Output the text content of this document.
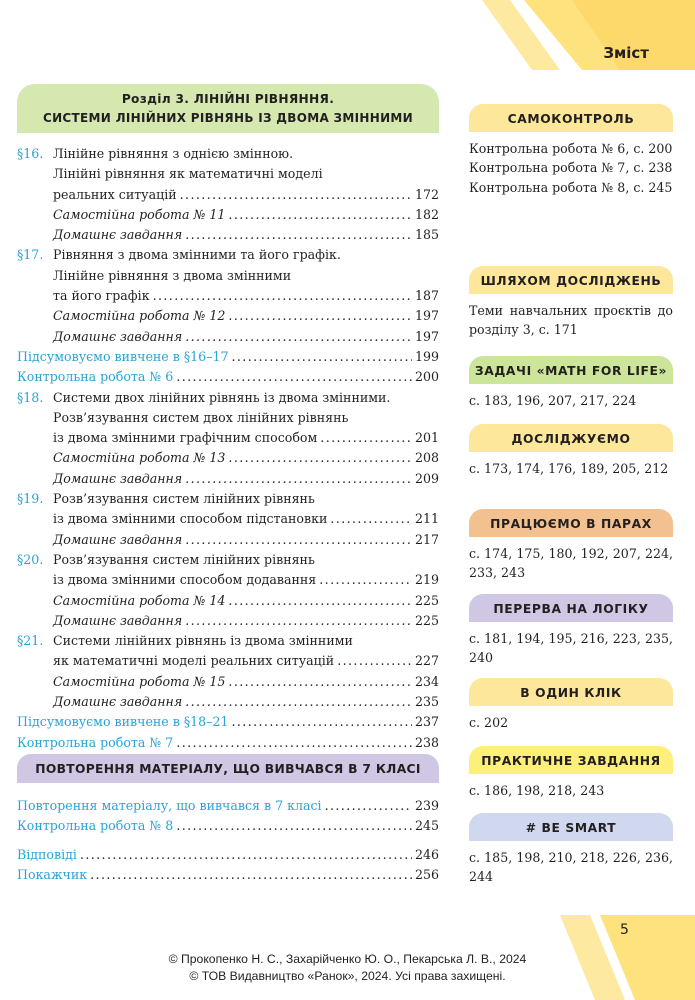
Зміст
Розділ 3. ЛІНІЙНІ РІВНЯННЯ.
СИСТЕМИ ЛІНІЙНИХ РІВНЯНЬ ІЗ ДВОМА ЗМІННИМИ
§16. Лінійне рівняння з однією змінною.
Лінійні рівняння як математичні моделі
реальних ситуацій . . .	172
Самостійна робота № 11 . . .	182
Домашнє завдання . . .	185
§17. Рівняння з двома змінними та його графік.
Лінійне рівняння з двома змінними
та його графік . . .	187
Самостійна робота № 12 . . .	197
Домашнє завдання . . .	197
Підсумовуємо вивчене в §16–17 . . .	199
Контрольна робота № 6 . . .	200
§18. Системи двох лінійних рівнянь із двома змінними.
Розв’язування систем двох лінійних рівнянь
із двома змінними графічним способом . . .	201
Самостійна робота № 13 . . .	208
Домашнє завдання . . .	209
§19. Розв’язування систем лінійних рівнянь
із двома змінними способом підстановки . . .	211
Домашнє завдання . . .	217
§20. Розв’язування систем лінійних рівнянь
із двома змінними способом додавання . . .	219
Самостійна робота № 14 . . .	225
Домашнє завдання . . .	225
§21. Системи лінійних рівнянь із двома змінними
як математичні моделі реальних ситуацій . . .	227
Самостійна робота № 15 . . .	234
Домашнє завдання . . .	235
Підсумовуємо вивчене в §18–21 . . .	237
Контрольна робота № 7 . . .	238
ПОВТОРЕННЯ МАТЕРІАЛУ, ЩО ВИВЧАВСЯ В 7 КЛАСІ
Повторення матеріалу, що вивчався в 7 класі . . .	239
Контрольна робота № 8 . . .	245
Відповіді . . .	246
Покажчик . . .	256
САМОКОНТРОЛЬ
Контрольна робота № 6, с. 200
Контрольна робота № 7, с. 238
Контрольна робота № 8, с. 245
ШЛЯХОМ ДОСЛІДЖЕНЬ
Теми навчальних проєктів до розділу 3, с. 171
ЗАДАЧІ «MATH FOR LIFE»
с. 183, 196, 207, 217, 224
ДОСЛІДЖУЄМО
с. 173, 174, 176, 189, 205, 212
ПРАЦЮЄМО В ПАРАХ
с. 174, 175, 180, 192, 207, 224, 233, 243
ПЕРЕРВА НА ЛОГІКУ
с. 181, 194, 195, 216, 223, 235, 240
В ОДИН КЛІК
с. 202
ПРАКТИЧНЕ ЗАВДАННЯ
с. 186, 198, 218, 243
# BE SMART
с. 185, 198, 210, 218, 226, 236, 244
5
© Прокопенко Н. С., Захарійченко Ю. О., Пекарська Л. В., 2024
© ТОВ Видавництво «Ранок», 2024. Усі права захищені.
